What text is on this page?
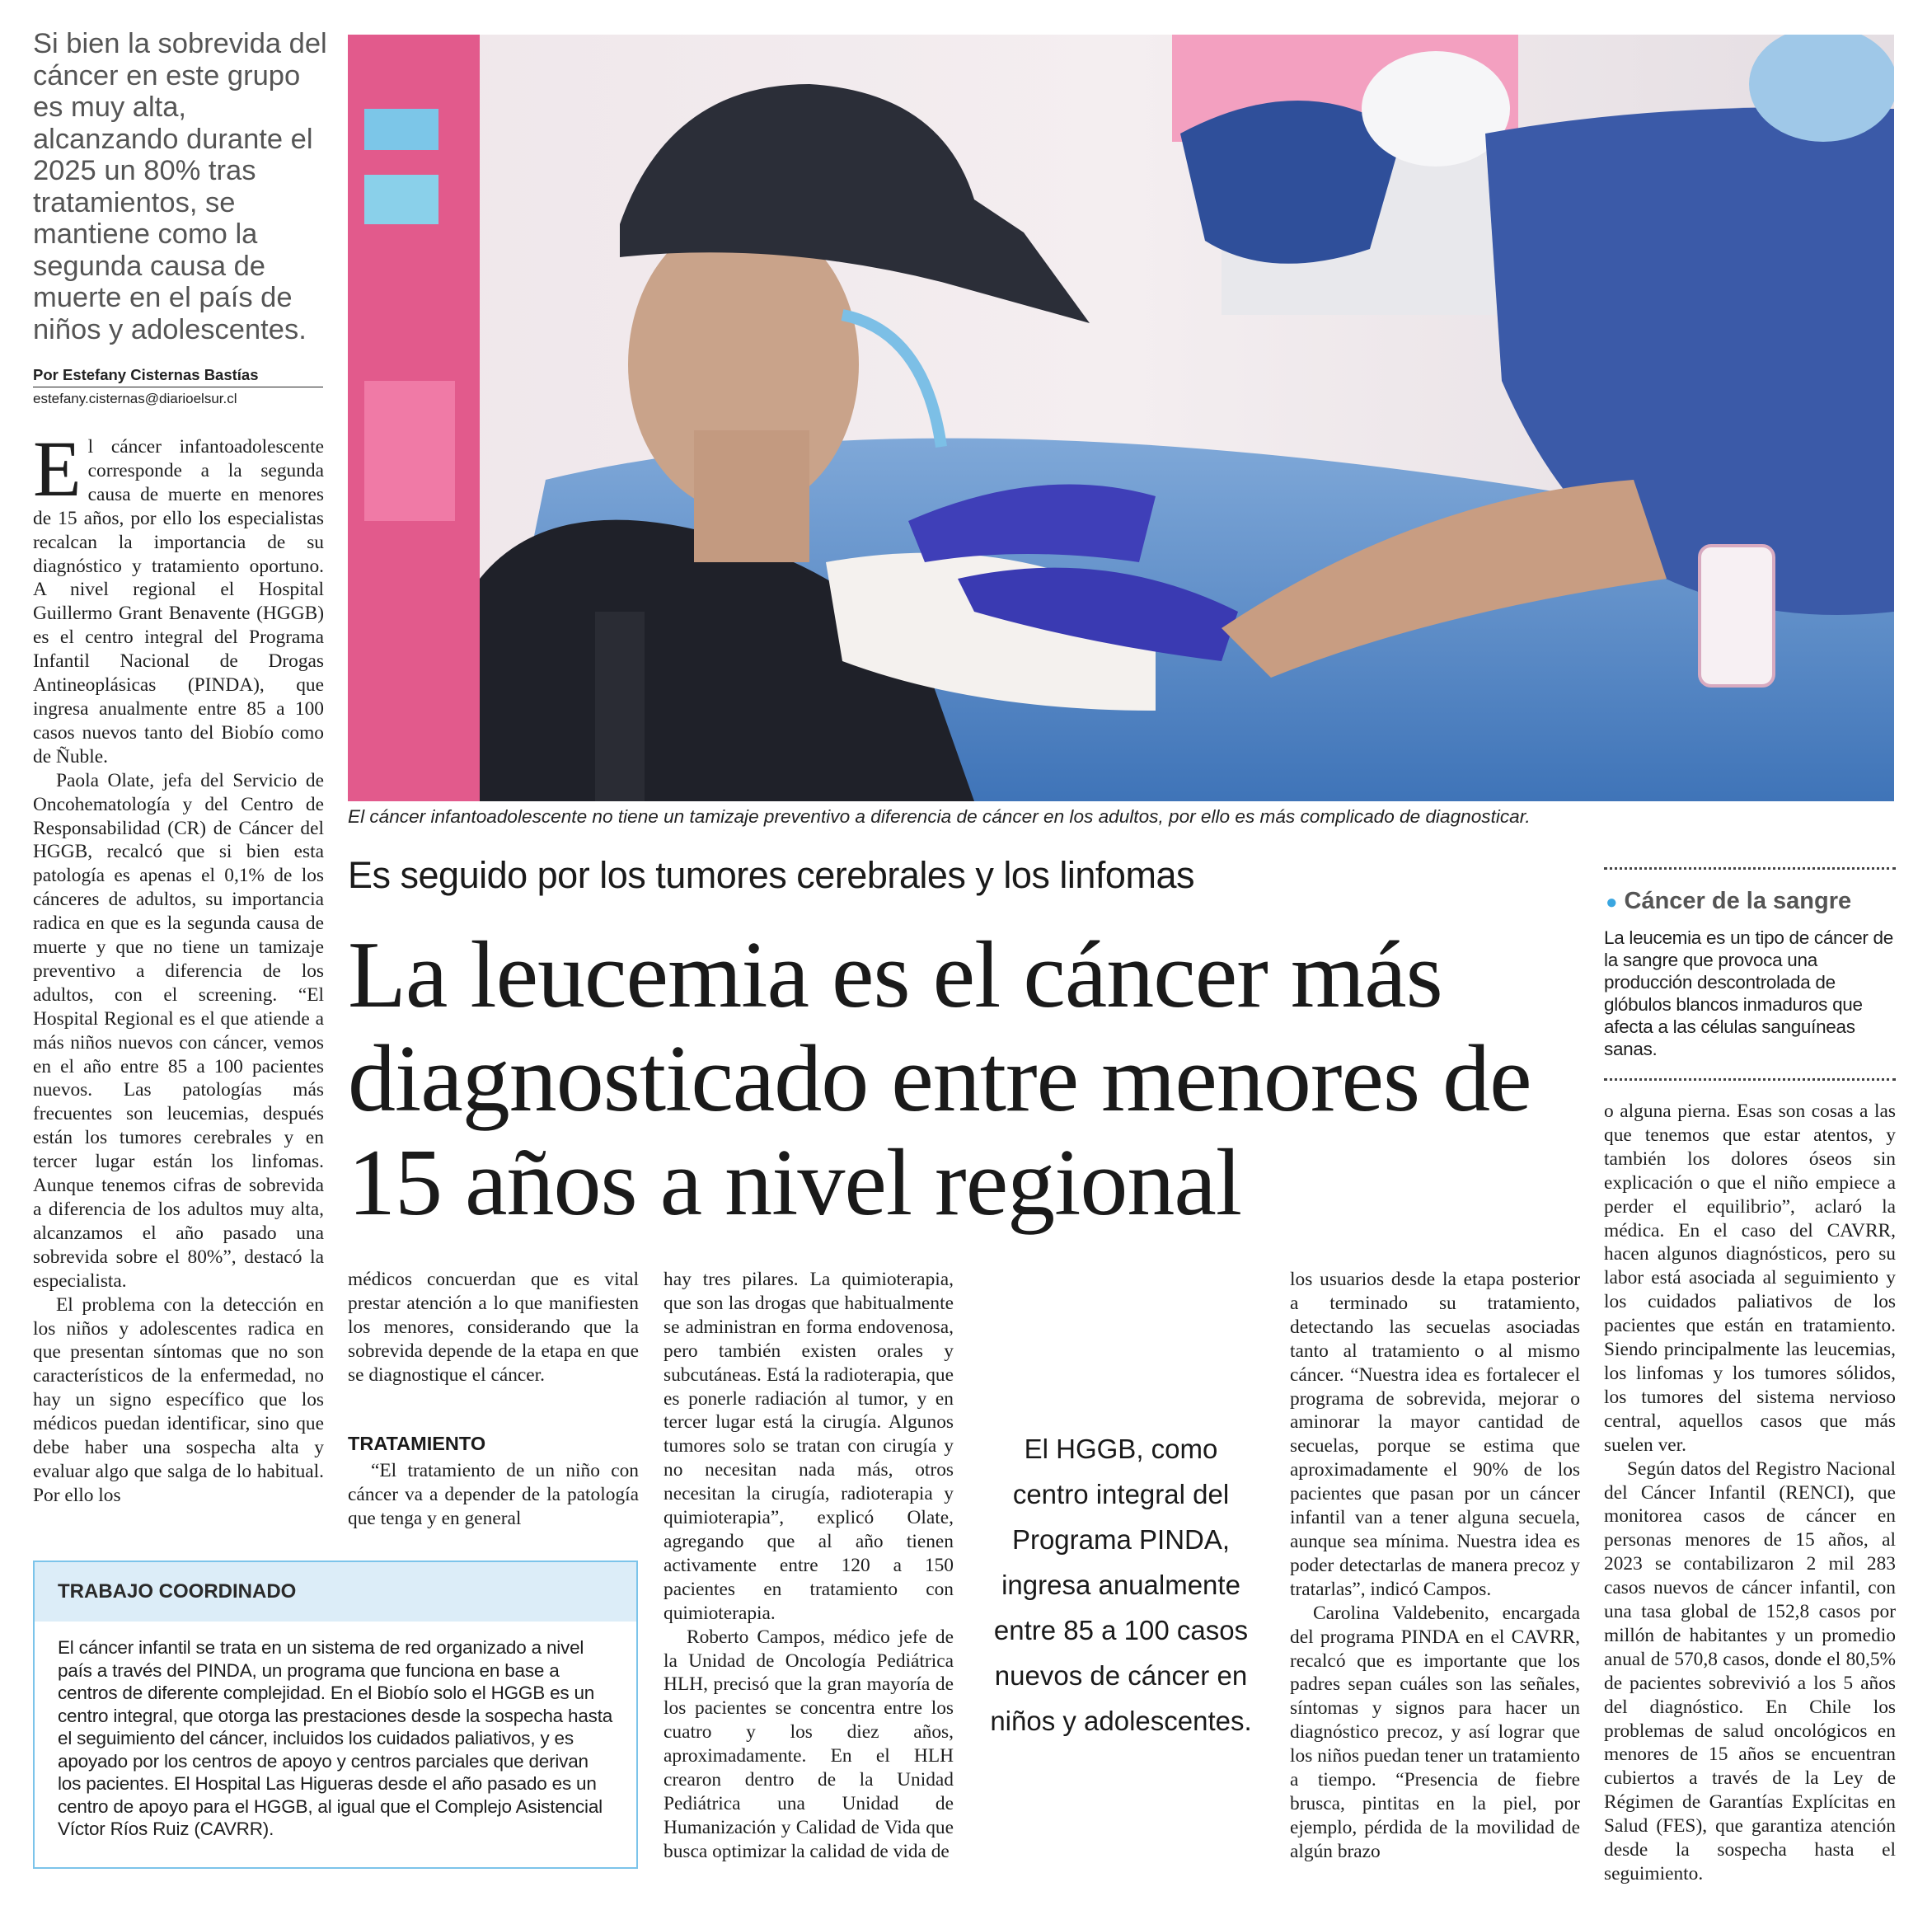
Si bien la sobrevida del cáncer en este grupo es muy alta, alcanzando durante el 2025 un 80% tras tratamientos, se mantiene como la segunda causa de muerte en el país de niños y adolescentes.
Por Estefany Cisternas Bastías
estefany.cisternas@diarioelsur.cl

El cáncer infantoadolescente corresponde a la segunda causa de muerte en menores de 15 años, por ello los especialistas recalcan la importancia de su diagnóstico y tratamiento oportuno. A nivel regional el Hospital Guillermo Grant Benavente (HGGB) es el centro integral del Programa Infantil Nacional de Drogas Antineoplásicas (PINDA), que ingresa anualmente entre 85 a 100 casos nuevos tanto del Biobío como de Ñuble.

Paola Olate, jefa del Servicio de Oncohematología y del Centro de Responsabilidad (CR) de Cáncer del HGGB, recalcó que si bien esta patología es apenas el 0,1% de los cánceres de adultos, su importancia radica en que es la segunda causa de muerte y que no tiene un tamizaje preventivo a diferencia de los adultos, con el screening. “El Hospital Regional es el que atiende a más niños nuevos con cáncer, vemos en el año entre 85 a 100 pacientes nuevos. Las patologías más frecuentes son leucemias, después están los tumores cerebrales y en tercer lugar están los linfomas. Aunque tenemos cifras de sobrevida a diferencia de los adultos muy alta, alcanzamos el año pasado una sobrevida sobre el 80%”, destacó la especialista.

El problema con la detección en los niños y adolescentes radica en que presentan síntomas que no son característicos de la enfermedad, no hay un signo específico que los médicos puedan identificar, sino que debe haber una sospecha alta y evaluar algo que salga de lo habitual. Por ello los

El cáncer infantoadolescente no tiene un tamizaje preventivo a diferencia de cáncer en los adultos, por ello es más complicado de diagnosticar.
Es seguido por los tumores cerebrales y los linfomas
La leucemia es el cáncer más diagnosticado entre menores de 15 años a nivel regional
● Cáncer de la sangre
La leucemia es un tipo de cáncer de la sangre que provoca una producción descontrolada de glóbulos blancos inmaduros que afecta a las células sanguíneas sanas.

médicos concuerdan que es vital prestar atención a lo que manifiesten los menores, considerando que la sobrevida depende de la etapa en que se diagnostique el cáncer.

TRATAMIENTO

“El tratamiento de un niño con cáncer va a depender de la patología que tenga y en general

hay tres pilares. La quimioterapia, que son las drogas que habitualmente se administran en forma endovenosa, pero también existen orales y subcutáneas. Está la radioterapia, que es ponerle radiación al tumor, y en tercer lugar está la cirugía. Algunos tumores solo se tratan con cirugía y no necesitan nada más, otros necesitan la cirugía, radioterapia y quimioterapia”, explicó Olate, agregando que al año tienen activamente entre 120 a 150 pacientes en tratamiento con quimioterapia.

Roberto Campos, médico jefe de la Unidad de Oncología Pediátrica HLH, precisó que la gran mayoría de los pacientes se concentra entre los cuatro y los diez años, aproximadamente. En el HLH crearon dentro de la Unidad Pediátrica una Unidad de Humanización y Calidad de Vida que busca optimizar la calidad de vida de

El HGGB, como centro integral del Programa PINDA, ingresa anualmente entre 85 a 100 casos nuevos de cáncer en niños y adolescentes.

los usuarios desde la etapa posterior a terminado su tratamiento, detectando las secuelas asociadas tanto al tratamiento o al mismo cáncer. “Nuestra idea es fortalecer el programa de sobrevida, mejorar o aminorar la mayor cantidad de secuelas, porque se estima que aproximadamente el 90% de los pacientes que pasan por un cáncer infantil van a tener alguna secuela, aunque sea mínima. Nuestra idea es poder detectarlas de manera precoz y tratarlas”, indicó Campos.

Carolina Valdebenito, encargada del programa PINDA en el CAVRR, recalcó que es importante que los padres sepan cuáles son las señales, síntomas y signos para hacer un diagnóstico precoz, y así lograr que los niños puedan tener un tratamiento a tiempo. “Presencia de fiebre brusca, pintitas en la piel, por ejemplo, pérdida de la movilidad de algún brazo

o alguna pierna. Esas son cosas a las que tenemos que estar atentos, y también los dolores óseos sin explicación o que el niño empiece a perder el equilibrio”, aclaró la médica. En el caso del CAVRR, hacen algunos diagnósticos, pero su labor está asociada al seguimiento y los cuidados paliativos de los pacientes que están en tratamiento. Siendo principalmente las leucemias, los linfomas y los tumores sólidos, los tumores del sistema nervioso central, aquellos casos que más suelen ver.

Según datos del Registro Nacional del Cáncer Infantil (RENCI), que monitorea casos de cáncer en personas menores de 15 años, al 2023 se contabilizaron 2 mil 283 casos nuevos de cáncer infantil, con una tasa global de 152,8 casos por millón de habitantes y un promedio anual de 570,8 casos, donde el 80,5% de pacientes sobrevivió a los 5 años del diagnóstico. En Chile los problemas de salud oncológicos en menores de 15 años se encuentran cubiertos a través de la Ley de Régimen de Garantías Explícitas en Salud (FES), que garantiza atención desde la sospecha hasta el seguimiento.

TRABAJO COORDINADO
El cáncer infantil se trata en un sistema de red organizado a nivel país a través del PINDA, un programa que funciona en base a centros de diferente complejidad. En el Biobío solo el HGGB es un centro integral, que otorga las prestaciones desde la sospecha hasta el seguimiento del cáncer, incluidos los cuidados paliativos, y es apoyado por los centros de apoyo y centros parciales que derivan los pacientes. El Hospital Las Higueras desde el año pasado es un centro de apoyo para el HGGB, al igual que el Complejo Asistencial Víctor Ríos Ruiz (CAVRR).
